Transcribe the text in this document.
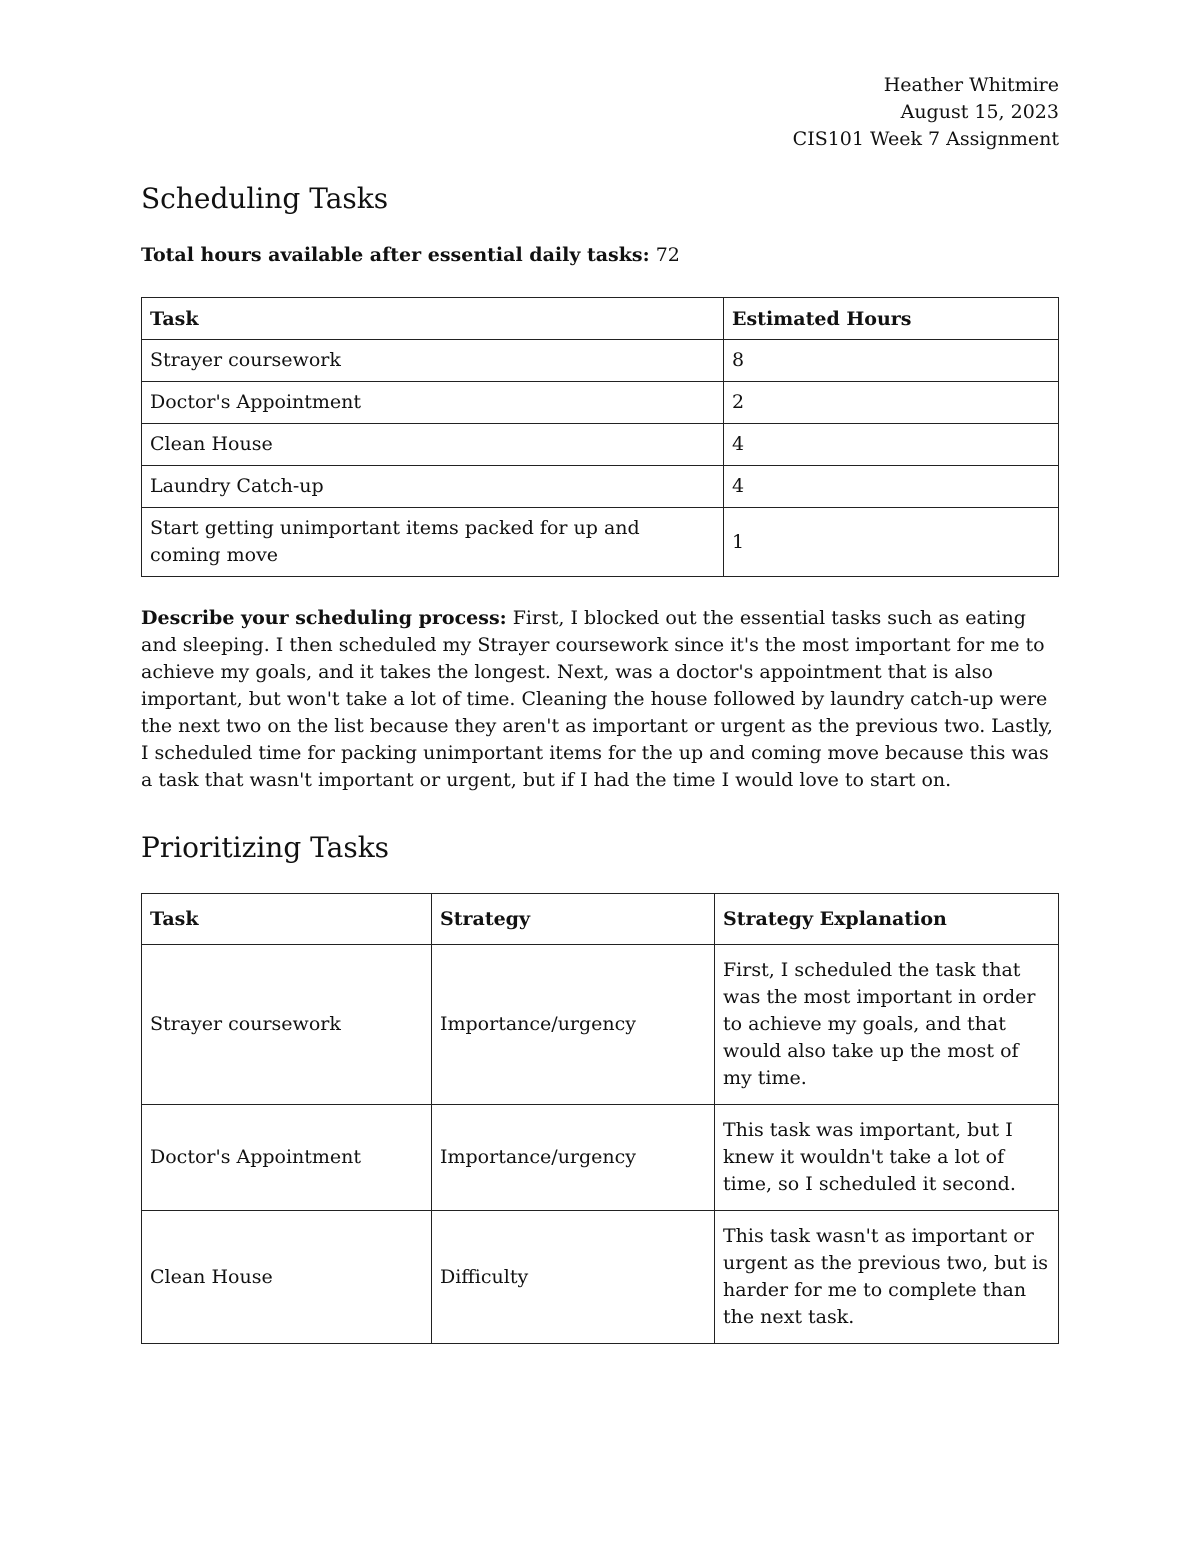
Heather Whitmire
August 15, 2023
CIS101 Week 7 Assignment
Scheduling Tasks
Total hours available after essential daily tasks: 72
Task	Estimated Hours
Strayer coursework	8
Doctor's Appointment	2
Clean House	4
Laundry Catch-up	4
Start getting unimportant items packed for up and coming move	1

Describe your scheduling process: First, I blocked out the essential tasks such as eating and sleeping. I then scheduled my Strayer coursework since it's the most important for me to achieve my goals, and it takes the longest. Next, was a doctor's appointment that is also important, but won't take a lot of time. Cleaning the house followed by laundry catch-up were the next two on the list because they aren't as important or urgent as the previous two. Lastly, I scheduled time for packing unimportant items for the up and coming move because this was a task that wasn't important or urgent, but if I had the time I would love to start on.

Prioritizing Tasks
Task	Strategy	Strategy Explanation
Strayer coursework	Importance/urgency	First, I scheduled the task that was the most important in order to achieve my goals, and that would also take up the most of my time.
Doctor's Appointment	Importance/urgency	This task was important, but I knew it wouldn't take a lot of time, so I scheduled it second.
Clean House	Difficulty	This task wasn't as important or urgent as the previous two, but is harder for me to complete than the next task.
